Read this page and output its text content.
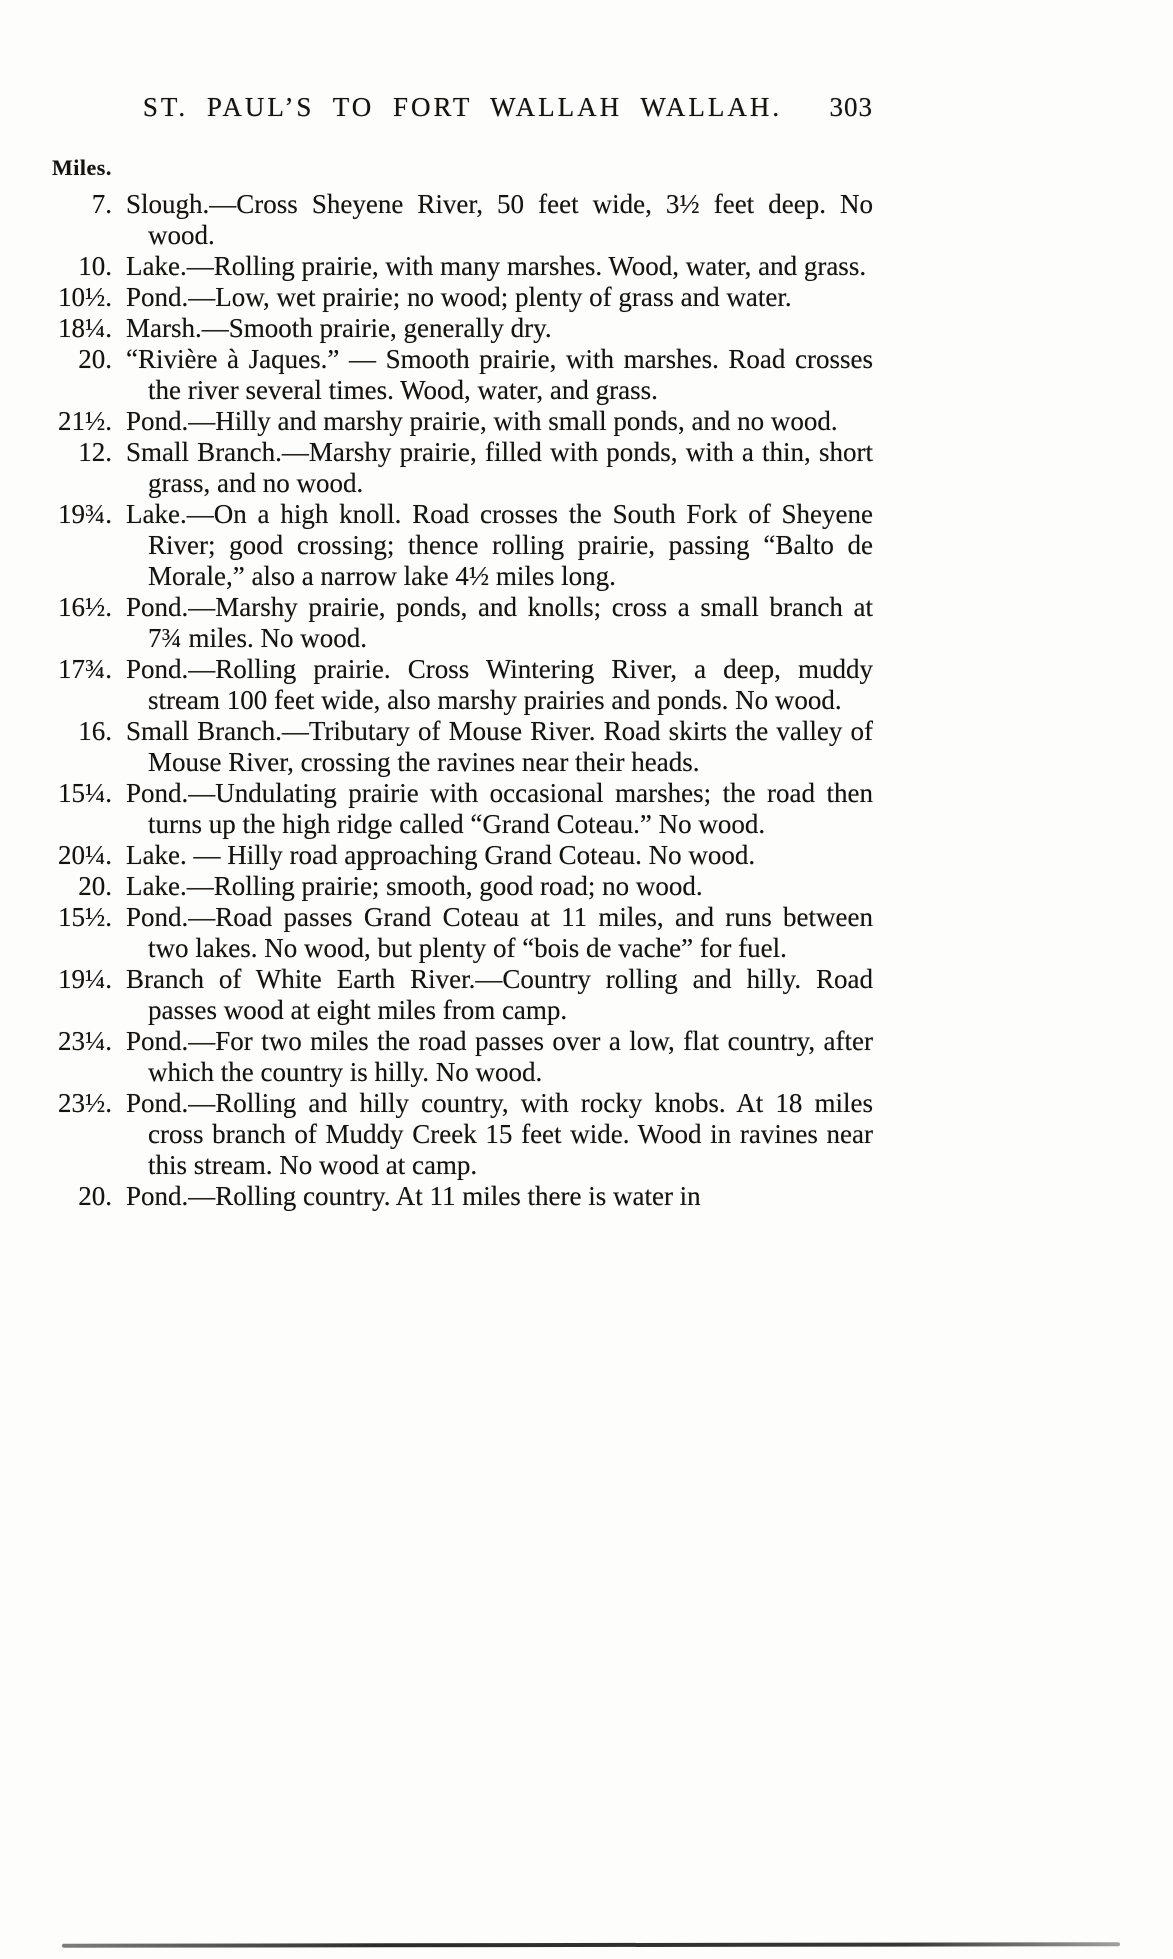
ST. PAUL’S TO FORT WALLAH WALLAH. 303
Miles.
7. Slough.—Cross Sheyene River, 50 feet wide, 3½ feet deep. No wood.
10. Lake.—Rolling prairie, with many marshes. Wood, water, and grass.
10½. Pond.—Low, wet prairie; no wood; plenty of grass and water.
18¼. Marsh.—Smooth prairie, generally dry.
20. “Rivière à Jaques.” — Smooth prairie, with marshes. Road crosses the river several times. Wood, water, and grass.
21½. Pond.—Hilly and marshy prairie, with small ponds, and no wood.
12. Small Branch.—Marshy prairie, filled with ponds, with a thin, short grass, and no wood.
19¾. Lake.—On a high knoll. Road crosses the South Fork of Sheyene River; good crossing; thence rolling prairie, passing “Balto de Morale,” also a narrow lake 4½ miles long.
16½. Pond.—Marshy prairie, ponds, and knolls; cross a small branch at 7¾ miles. No wood.
17¾. Pond.—Rolling prairie. Cross Wintering River, a deep, muddy stream 100 feet wide, also marshy prairies and ponds. No wood.
16. Small Branch.—Tributary of Mouse River. Road skirts the valley of Mouse River, crossing the ravines near their heads.
15¼. Pond.—Undulating prairie with occasional marshes; the road then turns up the high ridge called “Grand Coteau.” No wood.
20¼. Lake. — Hilly road approaching Grand Coteau. No wood.
20. Lake.—Rolling prairie; smooth, good road; no wood.
15½. Pond.—Road passes Grand Coteau at 11 miles, and runs between two lakes. No wood, but plenty of “bois de vache” for fuel.
19¼. Branch of White Earth River.—Country rolling and hilly. Road passes wood at eight miles from camp.
23¼. Pond.—For two miles the road passes over a low, flat country, after which the country is hilly. No wood.
23½. Pond.—Rolling and hilly country, with rocky knobs. At 18 miles cross branch of Muddy Creek 15 feet wide. Wood in ravines near this stream. No wood at camp.
20. Pond.—Rolling country. At 11 miles there is water in
